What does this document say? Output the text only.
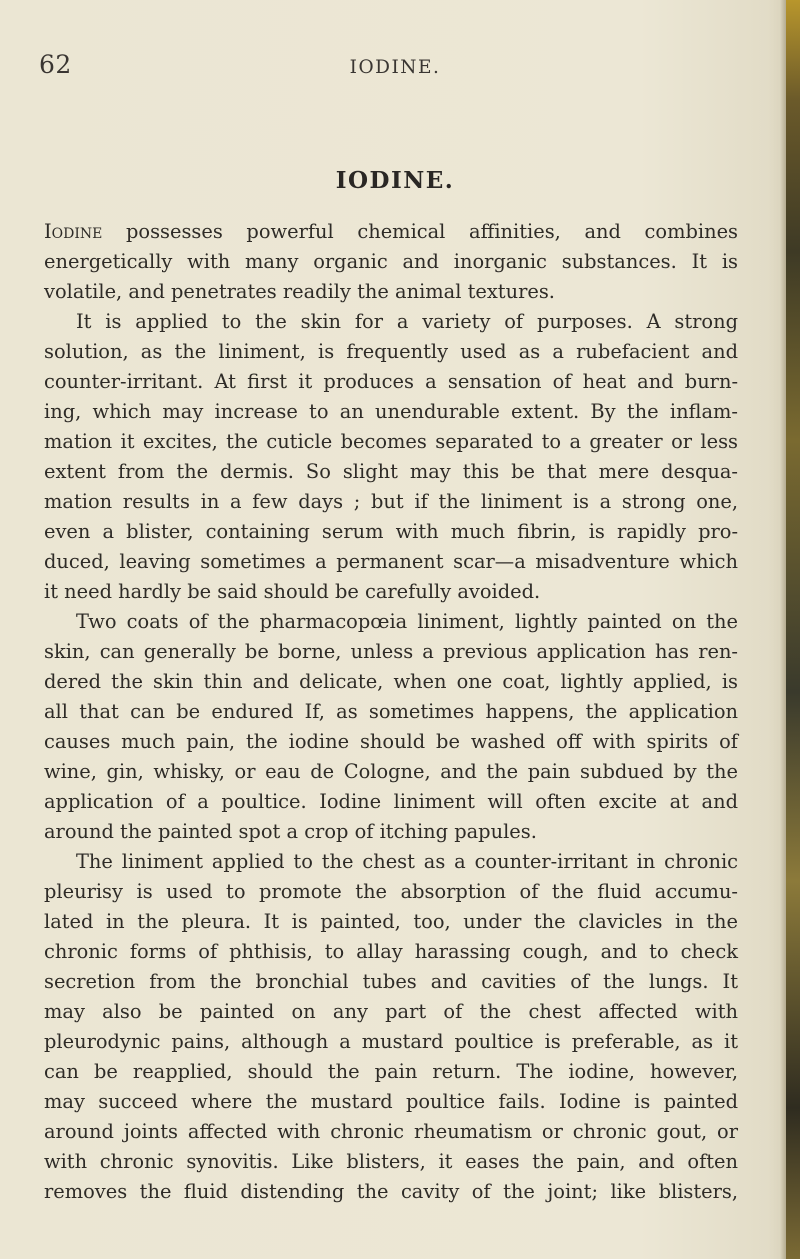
62	IODINE.
IODINE.
Iodine possesses powerful chemical affinities, and combines
energetically with many organic and inorganic substances. It is
volatile, and penetrates readily the animal textures.
It is applied to the skin for a variety of purposes. A strong
solution, as the liniment, is frequently used as a rubefacient and
counter-irritant. At first it produces a sensation of heat and burn-
ing, which may increase to an unendurable extent. By the inflam-
mation it excites, the cuticle becomes separated to a greater or less
extent from the dermis. So slight may this be that mere desqua-
mation results in a few days ; but if the liniment is a strong one,
even a blister, containing serum with much fibrin, is rapidly pro-
duced, leaving sometimes a permanent scar—a misadventure which
it need hardly be said should be carefully avoided.
Two coats of the pharmacopœia liniment, lightly painted on the
skin, can generally be borne, unless a previous application has ren-
dered the skin thin and delicate, when one coat, lightly applied, is
all that can be endured If, as sometimes happens, the application
causes much pain, the iodine should be washed off with spirits of
wine, gin, whisky, or eau de Cologne, and the pain subdued by the
application of a poultice. Iodine liniment will often excite at and
around the painted spot a crop of itching papules.
The liniment applied to the chest as a counter-irritant in chronic
pleurisy is used to promote the absorption of the fluid accumu-
lated in the pleura. It is painted, too, under the clavicles in the
chronic forms of phthisis, to allay harassing cough, and to check
secretion from the bronchial tubes and cavities of the lungs. It
may also be painted on any part of the chest affected with
pleurodynic pains, although a mustard poultice is preferable, as it
can be reapplied, should the pain return. The iodine, however,
may succeed where the mustard poultice fails. Iodine is painted
around joints affected with chronic rheumatism or chronic gout, or
with chronic synovitis. Like blisters, it eases the pain, and often
removes the fluid distending the cavity of the joint; like blisters,
